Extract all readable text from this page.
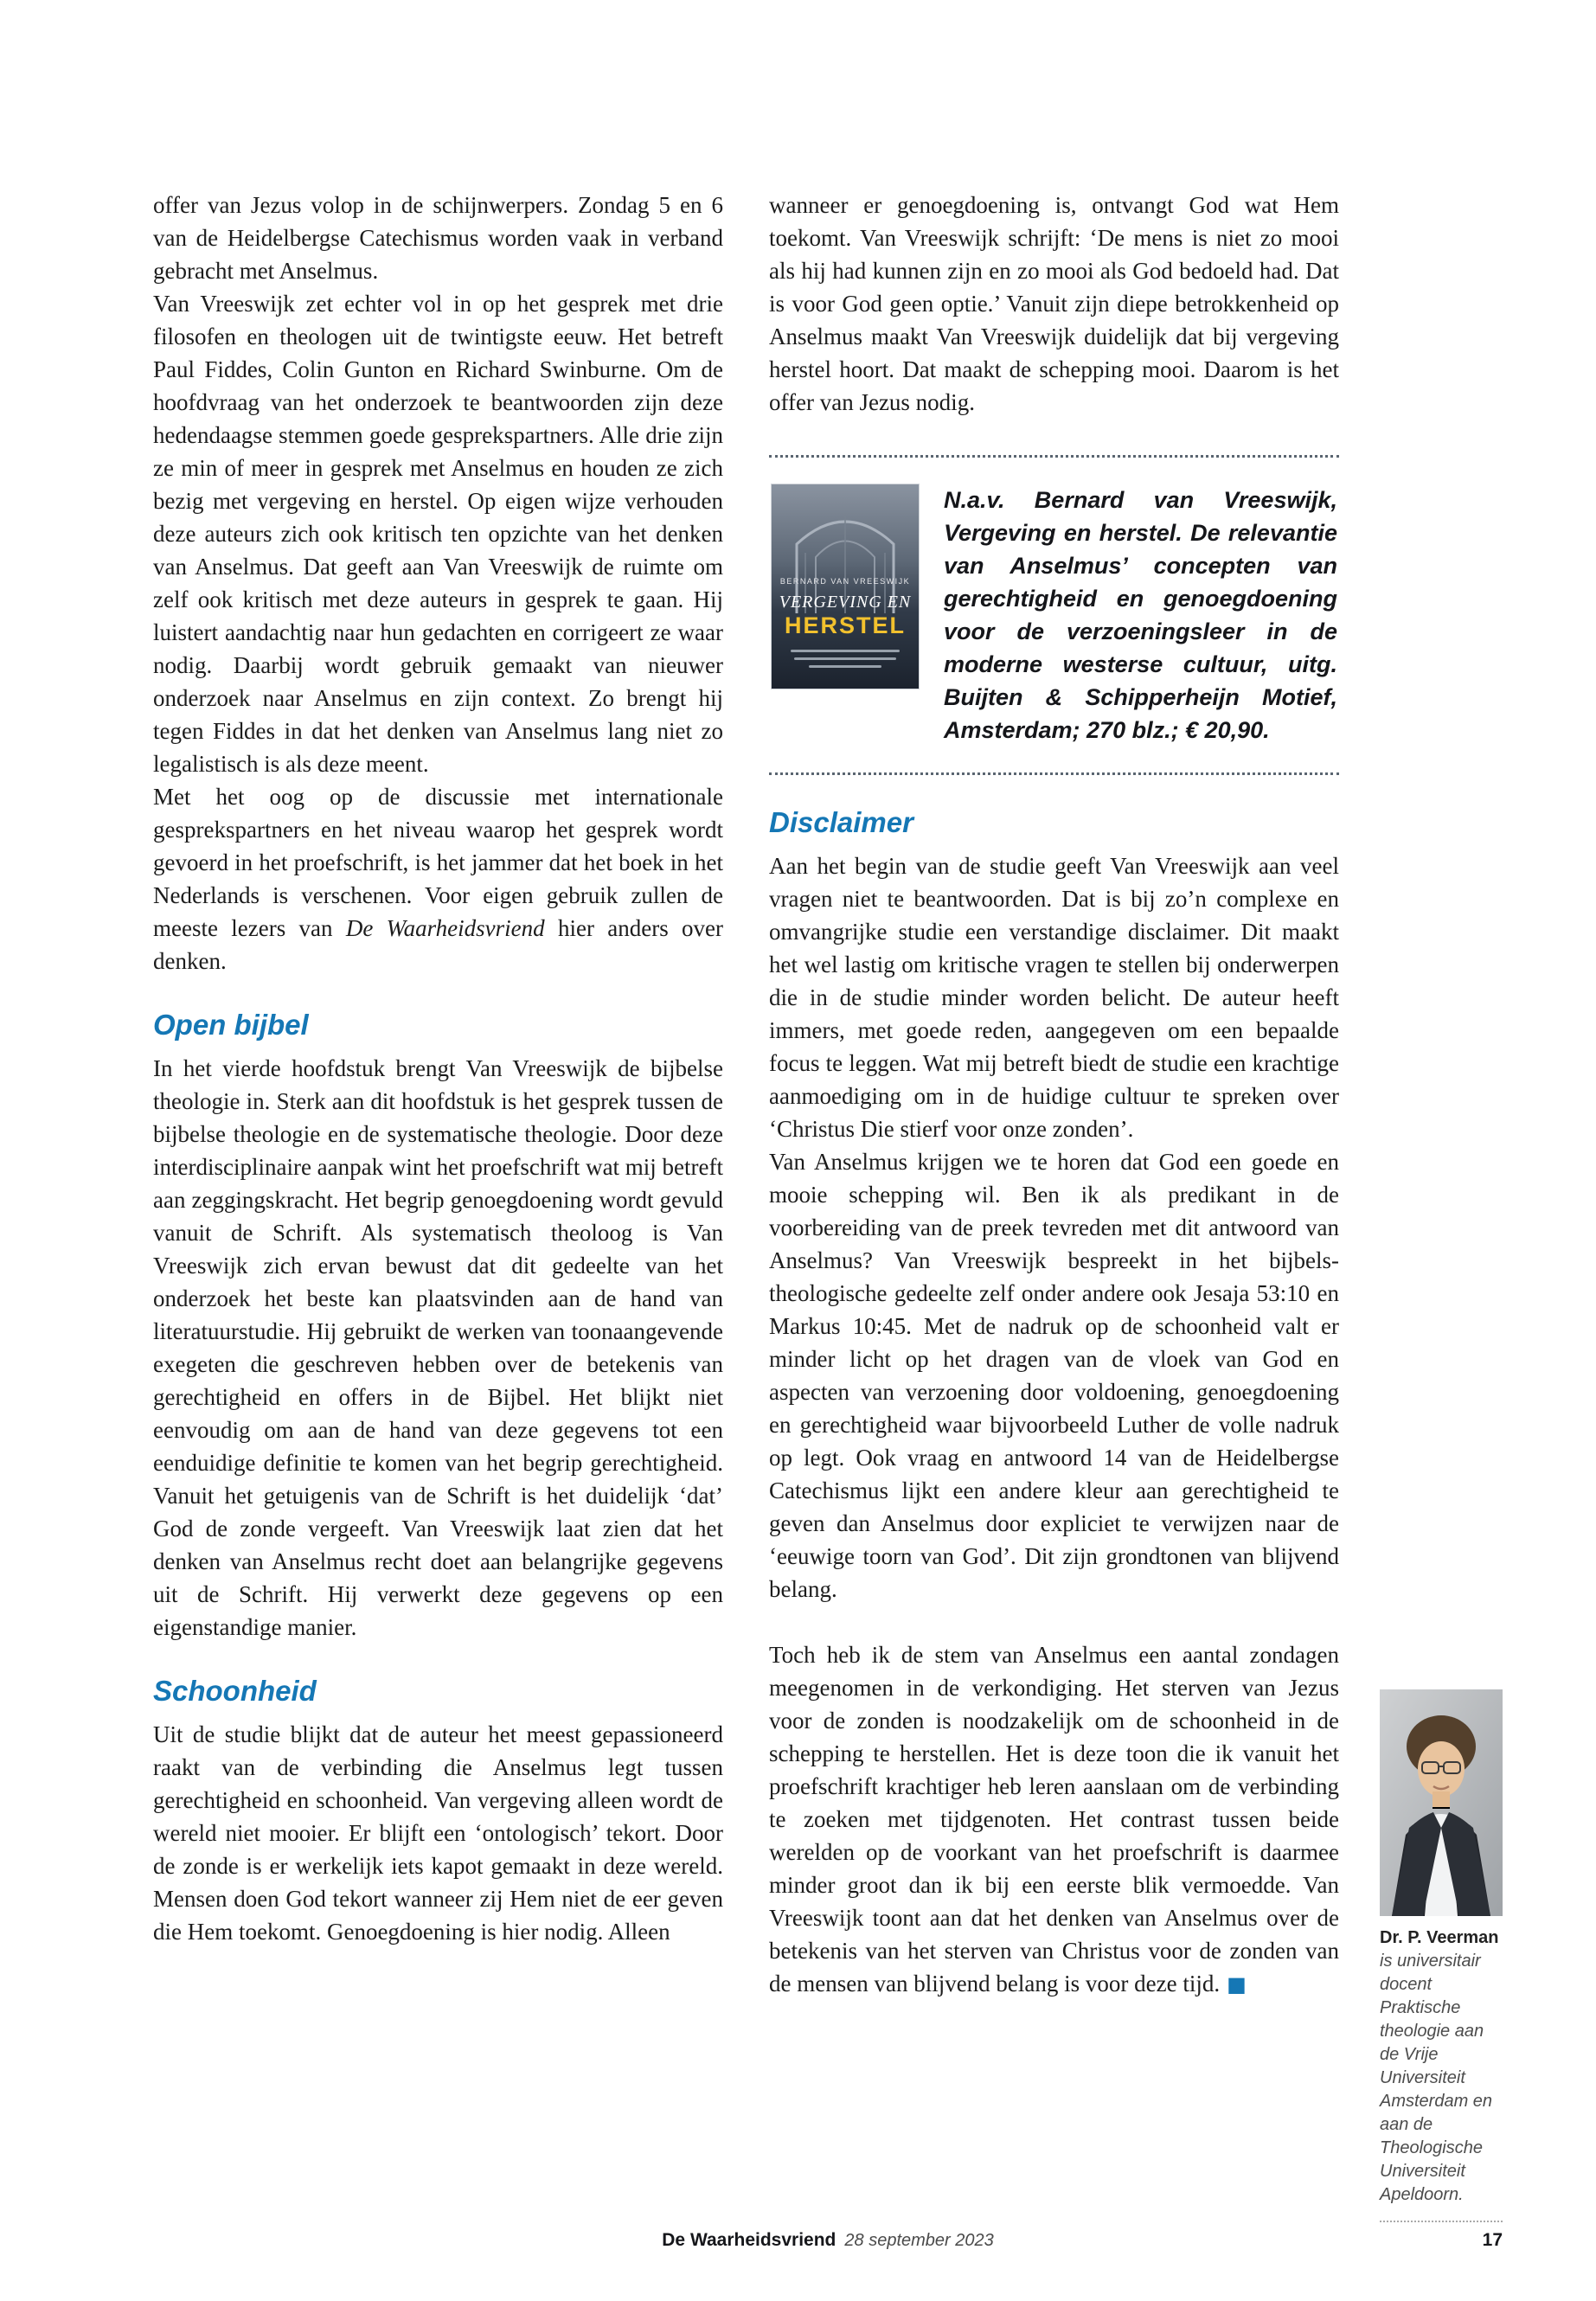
offer van Jezus volop in de schijnwerpers. Zondag 5 en 6 van de Heidelbergse Catechismus worden vaak in verband gebracht met Anselmus.

Van Vreeswijk zet echter vol in op het gesprek met drie filosofen en theologen uit de twintigste eeuw. Het betreft Paul Fiddes, Colin Gunton en Richard Swinburne. Om de hoofdvraag van het onderzoek te beantwoorden zijn deze hedendaagse stemmen goede gesprekspartners. Alle drie zijn ze min of meer in gesprek met Anselmus en houden ze zich bezig met vergeving en herstel. Op eigen wijze verhouden deze auteurs zich ook kritisch ten opzichte van het denken van Anselmus. Dat geeft aan Van Vreeswijk de ruimte om zelf ook kritisch met deze auteurs in gesprek te gaan. Hij luistert aandachtig naar hun gedachten en corrigeert ze waar nodig. Daarbij wordt gebruik gemaakt van nieuwer onderzoek naar Anselmus en zijn context. Zo brengt hij tegen Fiddes in dat het denken van Anselmus lang niet zo legalistisch is als deze meent.

Met het oog op de discussie met internationale gesprekspartners en het niveau waarop het gesprek wordt gevoerd in het proefschrift, is het jammer dat het boek in het Nederlands is verschenen. Voor eigen gebruik zullen de meeste lezers van De Waarheidsvriend hier anders over denken.

Open bijbel

In het vierde hoofdstuk brengt Van Vreeswijk de bijbelse theologie in. Sterk aan dit hoofdstuk is het gesprek tussen de bijbelse theologie en de systematische theologie. Door deze interdisciplinaire aanpak wint het proefschrift wat mij betreft aan zeggingskracht. Het begrip genoegdoening wordt gevuld vanuit de Schrift. Als systematisch theoloog is Van Vreeswijk zich ervan bewust dat dit gedeelte van het onderzoek het beste kan plaatsvinden aan de hand van literatuurstudie. Hij gebruikt de werken van toonaangevende exegeten die geschreven hebben over de betekenis van gerechtigheid en offers in de Bijbel. Het blijkt niet eenvoudig om aan de hand van deze gegevens tot een eenduidige definitie te komen van het begrip gerechtigheid. Vanuit het getuigenis van de Schrift is het duidelijk ‘dat’ God de zonde vergeeft. Van Vreeswijk laat zien dat het denken van Anselmus recht doet aan belangrijke gegevens uit de Schrift. Hij verwerkt deze gegevens op een eigenstandige manier.

Schoonheid

Uit de studie blijkt dat de auteur het meest gepassioneerd raakt van de verbinding die Anselmus legt tussen gerechtigheid en schoonheid. Van vergeving alleen wordt de wereld niet mooier. Er blijft een ‘ontologisch’ tekort. Door de zonde is er werkelijk iets kapot gemaakt in deze wereld. Mensen doen God tekort wanneer zij Hem niet de eer geven die Hem toekomt. Genoegdoening is hier nodig. Alleen

wanneer er genoegdoening is, ontvangt God wat Hem toekomt. Van Vreeswijk schrijft: ‘De mens is niet zo mooi als hij had kunnen zijn en zo mooi als God bedoeld had. Dat is voor God geen optie.’ Vanuit zijn diepe betrokkenheid op Anselmus maakt Van Vreeswijk duidelijk dat bij vergeving herstel hoort. Dat maakt de schepping mooi. Daarom is het offer van Jezus nodig.

BERNARD VAN VREESWIJK
VERGEVING EN
HERSTEL

N.a.v. Bernard van Vreeswijk, Vergeving en herstel. De relevantie van Anselmus’ concepten van gerechtigheid en genoegdoening voor de verzoeningsleer in de moderne westerse cultuur, uitg. Buijten & Schipperheijn Motief, Amsterdam; 270 blz.; € 20,90.

Disclaimer

Aan het begin van de studie geeft Van Vreeswijk aan veel vragen niet te beantwoorden. Dat is bij zo’n complexe en omvangrijke studie een verstandige disclaimer. Dit maakt het wel lastig om kritische vragen te stellen bij onderwerpen die in de studie minder worden belicht. De auteur heeft immers, met goede reden, aangegeven om een bepaalde focus te leggen. Wat mij betreft biedt de studie een krachtige aanmoediging om in de huidige cultuur te spreken over ‘Christus Die stierf voor onze zonden’.

Van Anselmus krijgen we te horen dat God een goede en mooie schepping wil. Ben ik als predikant in de voorbereiding van de preek tevreden met dit antwoord van Anselmus? Van Vreeswijk bespreekt in het bijbels-theologische gedeelte zelf onder andere ook Jesaja 53:10 en Markus 10:45. Met de nadruk op de schoonheid valt er minder licht op het dragen van de vloek van God en aspecten van verzoening door voldoening, genoegdoening en gerechtigheid waar bijvoorbeeld Luther de volle nadruk op legt. Ook vraag en antwoord 14 van de Heidelbergse Catechismus lijkt een andere kleur aan gerechtigheid te geven dan Anselmus door expliciet te verwijzen naar de ‘eeuwige toorn van God’. Dit zijn grondtonen van blijvend belang.

Toch heb ik de stem van Anselmus een aantal zondagen meegenomen in de verkondiging. Het sterven van Jezus voor de zonden is noodzakelijk om de schoonheid in de schepping te herstellen. Het is deze toon die ik vanuit het proefschrift krachtiger heb leren aanslaan om de verbinding te zoeken met tijdgenoten. Het contrast tussen beide werelden op de voorkant van het proefschrift is daarmee minder groot dan ik bij een eerste blik vermoedde. Van Vreeswijk toont aan dat het denken van Anselmus over de betekenis van het sterven van Christus voor de zonden van de mensen van blijvend belang is voor deze tijd. ■

Dr. P. Veerman
is universitair docent Praktische theologie aan de Vrije Universiteit Amsterdam en aan de Theologische Universiteit Apeldoorn.
De Waarheidsvriend 28 september 2023	17
